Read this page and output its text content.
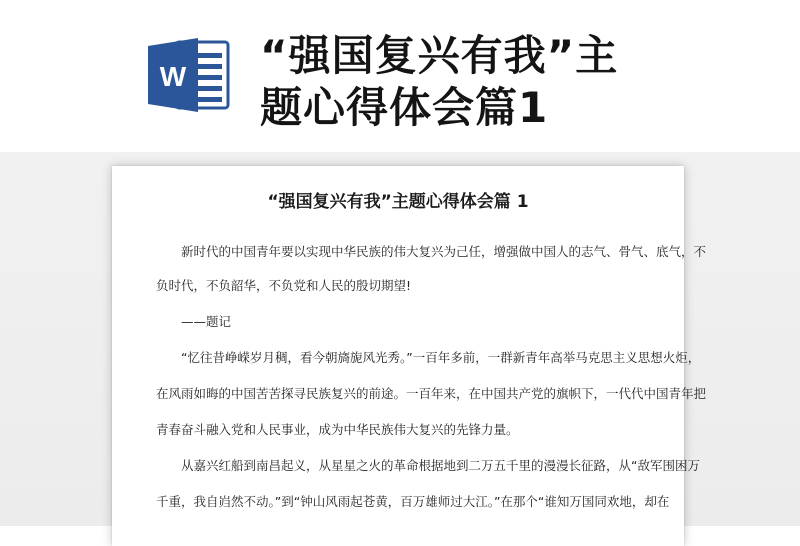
W “强国复兴有我”主
题心得体会篇1
“强国复兴有我”主题心得体会篇 1
　　新时代的中国青年要以实现中华民族的伟大复兴为己任，增强做中国人的志气、骨气、底气，不
负时代，不负韶华，不负党和人民的殷切期望!
　　——题记
　　“忆往昔峥嵘岁月稠，看今朝旖旎风光秀。”一百年多前，一群新青年高举马克思主义思想火炬，
在风雨如晦的中国苦苦探寻民族复兴的前途。一百年来，在中国共产党的旗帜下，一代代中国青年把
青春奋斗融入党和人民事业，成为中华民族伟大复兴的先锋力量。
　　从嘉兴红船到南昌起义，从星星之火的革命根据地到二万五千里的漫漫长征路，从“敌军围困万
千重，我自岿然不动。”到“钟山风雨起苍黄，百万雄师过大江。”在那个“谁知万国同欢地，却在
